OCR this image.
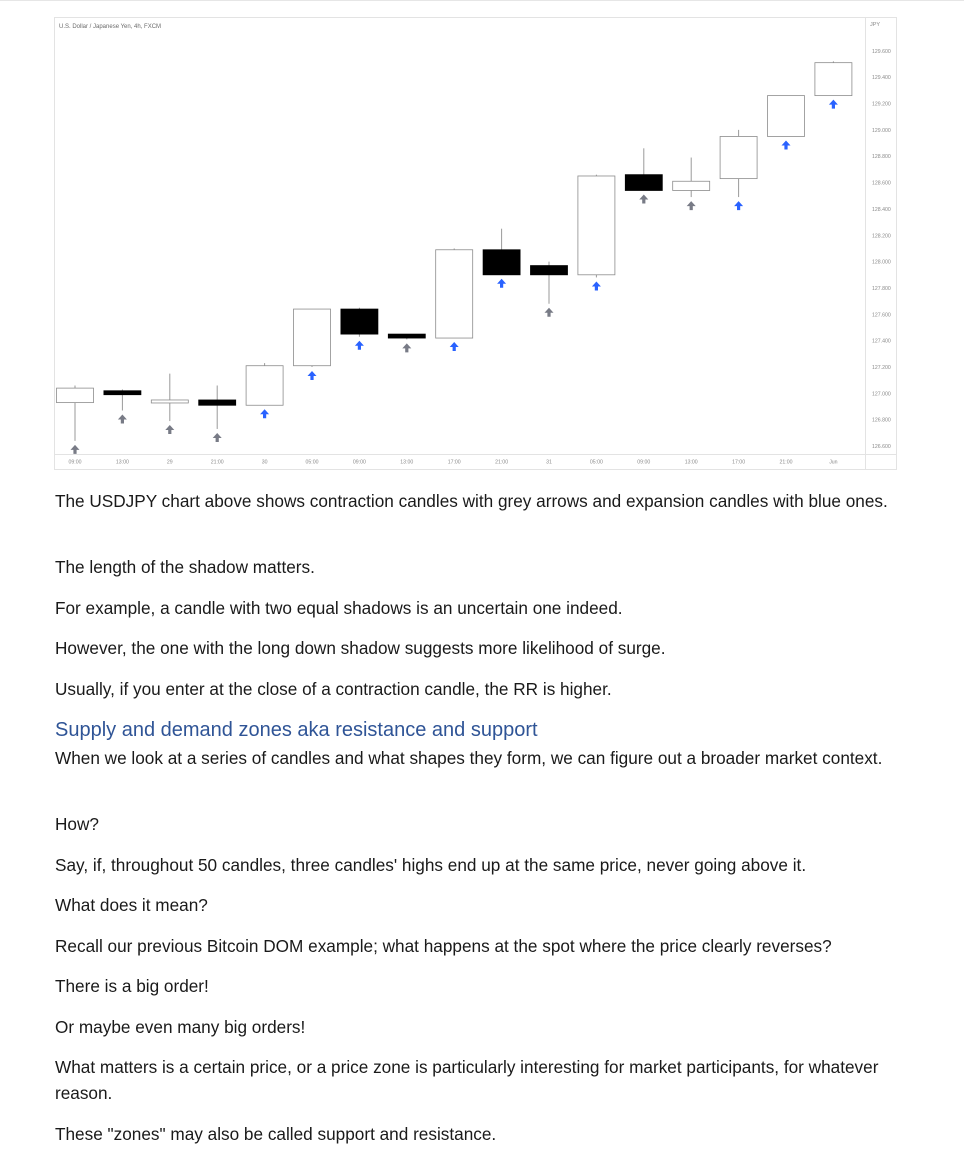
U.S. Dollar / Japanese Yen, 4h, FXCM	JPY
129.600
129.400
129.200
129.000
128.800
128.600
128.400
128.200
128.000
127.800
127.600
127.400
127.200
127.000
126.800
126.600
09:00	13:00	29	21:00	30	05:00	09:00	13:00	17:00	21:00	31	05:00	09:00	13:00	17:00	21:00	Jun
The USDJPY chart above shows contraction candles with grey arrows and expansion candles with blue ones.
The length of the shadow matters.
For example, a candle with two equal shadows is an uncertain one indeed.
However, the one with the long down shadow suggests more likelihood of surge.
Usually, if you enter at the close of a contraction candle, the RR is higher.
Supply and demand zones aka resistance and support
When we look at a series of candles and what shapes they form, we can figure out a broader market context.
How?
Say, if, throughout 50 candles, three candles' highs end up at the same price, never going above it.
What does it mean?
Recall our previous Bitcoin DOM example; what happens at the spot where the price clearly reverses?
There is a big order!
Or maybe even many big orders!
What matters is a certain price, or a price zone is particularly interesting for market participants, for whatever reason.
These "zones" may also be called support and resistance.
